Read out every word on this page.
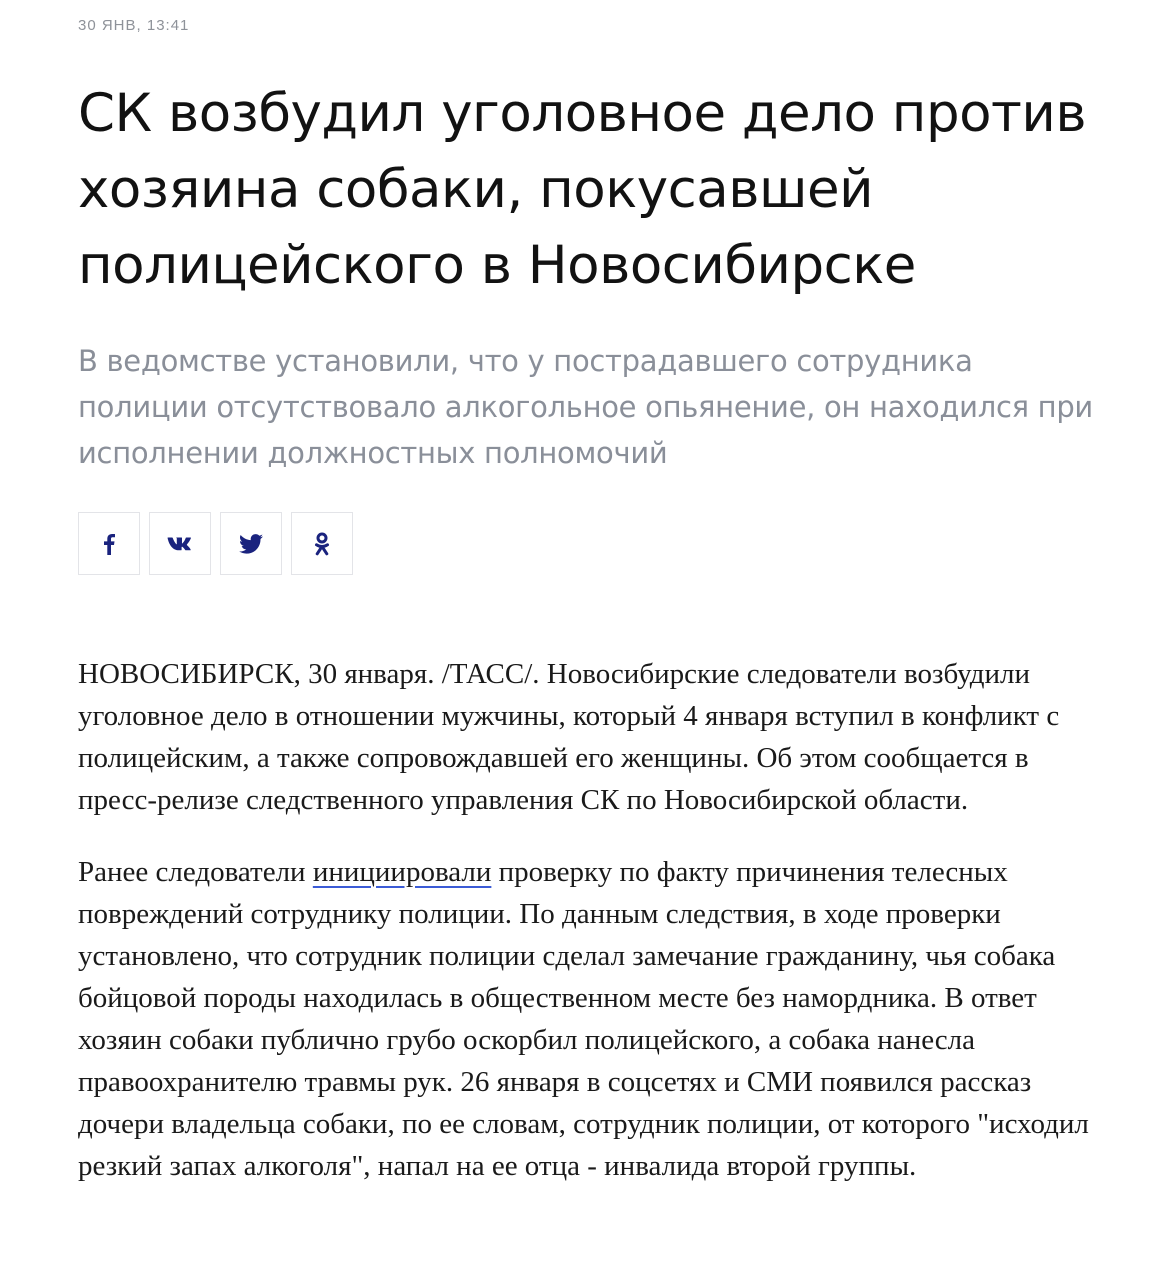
30 ЯНВ, 13:41
СК возбудил уголовное дело против хозяина собаки, покусавшей полицейского в Новосибирске

В ведомстве установили, что у пострадавшего сотрудника полиции отсутствовало алкогольное опьянение, он находился при исполнении должностных полномочий

НОВОСИБИРСК, 30 января. /ТАСС/. Новосибирские следователи возбудили уголовное дело в отношении мужчины, который 4 января вступил в конфликт с полицейским, а также сопровождавшей его женщины. Об этом сообщается в пресс-релизе следственного управления СК по Новосибирской области.

Ранее следователи инициировали проверку по факту причинения телесных повреждений сотруднику полиции. По данным следствия, в ходе проверки установлено, что сотрудник полиции сделал замечание гражданину, чья собака бойцовой породы находилась в общественном месте без намордника. В ответ хозяин собаки публично грубо оскорбил полицейского, а собака нанесла правоохранителю травмы рук. 26 января в соцсетях и СМИ появился рассказ дочери владельца собаки, по ее словам, сотрудник полиции, от которого "исходил резкий запах алкоголя", напал на ее отца - инвалида второй группы.
